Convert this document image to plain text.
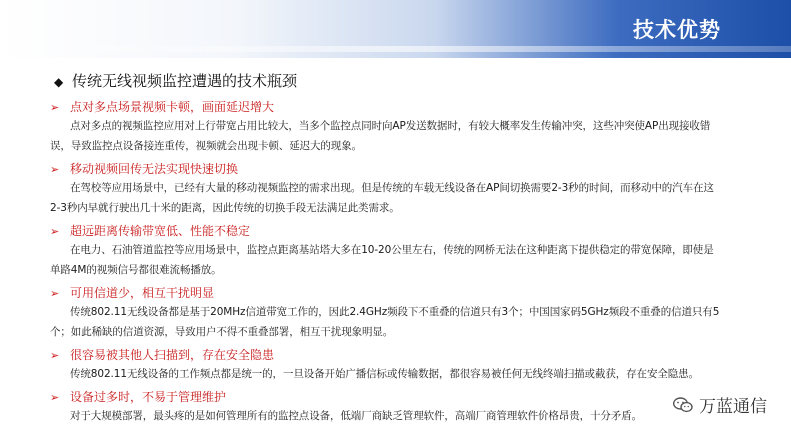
技术优势
◆ 传统无线视频监控遭遇的技术瓶颈
➢ 点对多点场景视频卡顿，画面延迟增大
点对多点的视频监控应用对上行带宽占用比较大，当多个监控点同时向AP发送数据时，有较大概率发生传输冲突，这些冲突使AP出现接收错
误，导致监控点设备接连重传，视频就会出现卡顿、延迟大的现象。
➢ 移动视频回传无法实现快速切换
在驾校等应用场景中，已经有大量的移动视频监控的需求出现。但是传统的车载无线设备在AP间切换需要2-3秒的时间，而移动中的汽车在这
2-3秒内早就行驶出几十米的距离，因此传统的切换手段无法满足此类需求。
➢ 超远距离传输带宽低、性能不稳定
在电力、石油管道监控等应用场景中，监控点距离基站塔大多在10-20公里左右，传统的网桥无法在这种距离下提供稳定的带宽保障，即使是
单路4M的视频信号都很难流畅播放。
➢ 可用信道少，相互干扰明显
传统802.11无线设备都是基于20MHz信道带宽工作的，因此2.4GHz频段下不重叠的信道只有3个；中国国家码5GHz频段不重叠的信道只有5
个；如此稀缺的信道资源，导致用户不得不重叠部署，相互干扰现象明显。
➢ 很容易被其他人扫描到，存在安全隐患
传统802.11无线设备的工作频点都是统一的，一旦设备开始广播信标或传输数据，都很容易被任何无线终端扫描或截获，存在安全隐患。
➢ 设备过多时，不易于管理维护
对于大规模部署，最头疼的是如何管理所有的监控点设备，低端厂商缺乏管理软件，高端厂商管理软件价格昂贵，十分矛盾。	万蓝通信
